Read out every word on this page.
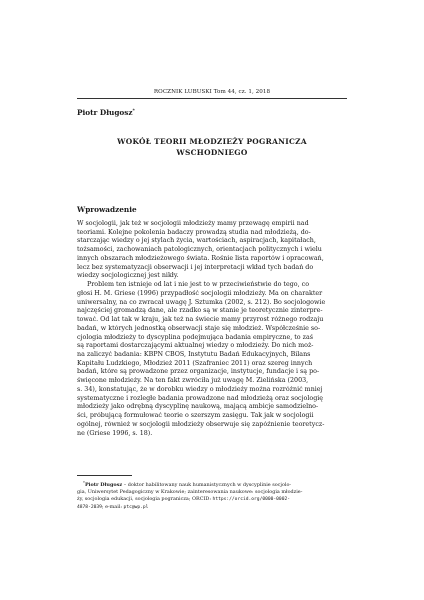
ROCZNIK LUBUSKI Tom 44, cz. 1, 2018
Piotr Długosz*
WOKÓŁ TEORII MŁODZIEŻY POGRANICZA
WSCHODNIEGO
Wprowadzenie
W socjologii, jak też w socjologii młodzieży mamy przewagę empirii nad
teoriami. Kolejne pokolenia badaczy prowadzą studia nad młodzieżą, do-
starczając wiedzy o jej stylach życia, wartościach, aspiracjach, kapitałach,
tożsamości, zachowaniach patologicznych, orientacjach politycznych i wielu
innych obszarach młodzieżowego świata. Rośnie lista raportów i opracowań,
lecz bez systematyzacji obserwacji i jej interpretacji wkład tych badań do
wiedzy socjologicznej jest nikły.
Problem ten istnieje od lat i nie jest to w przeciwieństwie do tego, co
głosi H. M. Griese (1996) przypadłość socjologii młodzieży. Ma on charakter
uniwersalny, na co zwracał uwagę J. Sztumka (2002, s. 212). Bo socjologowie
najczęściej gromadzą dane, ale rzadko są w stanie je teoretycznie zinterpre-
tować. Od lat tak w kraju, jak też na świecie mamy przyrost różnego rodzaju
badań, w których jednostką obserwacji staje się młodzież. Współcześnie so-
cjologia młodzieży to dyscyplina podejmująca badania empiryczne, to zaś
są raportami dostarczającymi aktualnej wiedzy o młodzieży. Do nich moż-
na zaliczyć badania: KBPN CBOS, Instytutu Badań Edukacyjnych, Bilans
Kapitału Ludzkiego, Młodzież 2011 (Szafraniec 2011) oraz szereg innych
badań, które są prowadzone przez organizacje, instytucje, fundacje i są po-
święcone młodzieży. Na ten fakt zwróciła już uwagę M. Zielińska (2003,
s. 34), konstatując, że w dorobku wiedzy o młodzieży można rozróżnić mniej
systematyczne i rozległe badania prowadzone nad młodzieżą oraz socjologię
młodzieży jako odrębną dyscyplinę naukową, mającą ambicje samodzielno-
ści, próbującą formułować teorie o szerszym zasięgu. Tak jak w socjologii
ogólnej, również w socjologii młodzieży obserwuje się zapóźnienie teoretycz-
ne (Griese 1996, s. 18).
*Piotr Długosz – doktor habilitowany nauk humanistycznych w dyscyplinie socjolo-
gia, Uniwersytet Pedagogiczny w Krakowie; zainteresowania naukowe: socjologia młodzie-
ży, socjologia edukacji, socjologia pogranicza; ORCID: https://orcid.org/0000-0002-
4878-2039; e-mail: ptc@wp.pl
